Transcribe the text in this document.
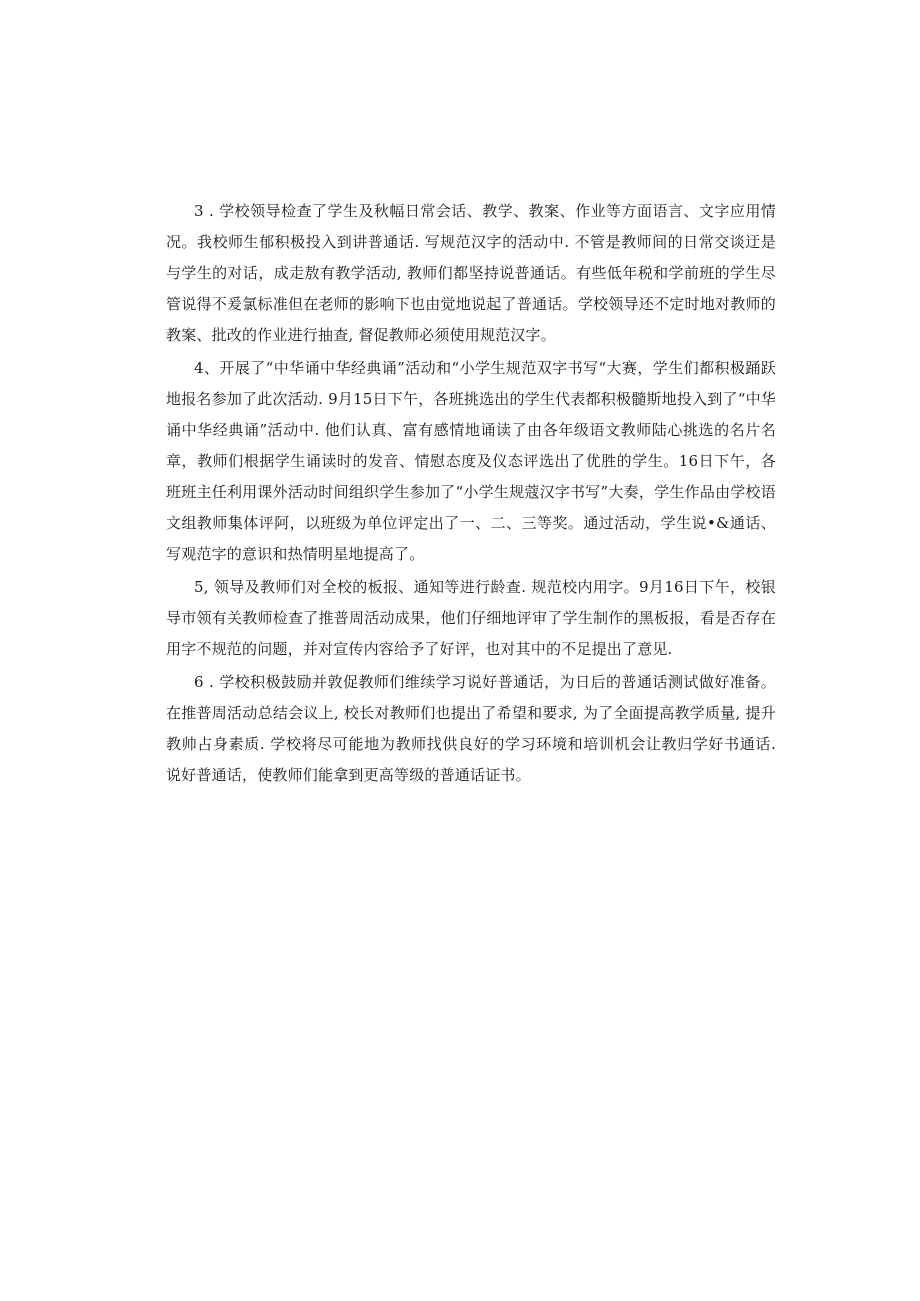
3 . 学校领导检查了学生及秋幅日常会话、教学、教案、作业等方面语言、文字应用情况。我校师生郁积极投入到讲普通话. 写规范汉字的活动中. 不管是教师间的日常交谈迂是与学生的对话，成走敖有教学活动, 教师们都坚持说普通话。有些低年税和学前班的学生尽管说得不爰氯标准但在老师的影响下也由觉地说起了普通话。学校领导还不定时地对教师的教案、批改的作业进行抽查, 督促教师必须使用规范汉字。

4、开展了“中华诵中华经典诵”活动和“小学生规范双字书写“大赛，学生们都积极踊跃地报名参加了此次活动. 9月15日下午，各班挑选出的学生代表都积极髓斯地投入到了“中华诵中华经典诵”活动中. 他们认真、富有感情地诵读了由各年级语文教师陆心挑选的名片名章，教师们根据学生诵读时的发音、情慰态度及仪态评选出了优胜的学生。16日下午，各班班主任利用课外活动时间组织学生参加了“小学生规蔻汉字书写”大奏，学生作品由学校语文组教师集体评阿，以班级为单位评定出了一、二、三等奖。通过活动，学生说•&通话、写观范字的意识和热情明星地提高了。

5, 领导及教师们对全校的板报、通知等进行龄查. 规范校内用字。9月16日下午，校银导市领有关教师检查了推普周活动成果，他们仔细地评审了学生制作的黑板报，看是否存在用字不规范的问题，并对宣传内容给予了好评，也对其中的不足提出了意见.

6 . 学校积极鼓励并敦促教师们维续学习说好普通话，为日后的普通话测试做好准备。在推普周活动总结会议上, 校长对教师们也提出了希望和要求, 为了全面提高教学质量, 提升教帅占身素质. 学校将尽可能地为教师找供良好的学习环境和培训机会让教归学好书通话. 说好普通话，使教师们能拿到更高等级的普通话证书。
